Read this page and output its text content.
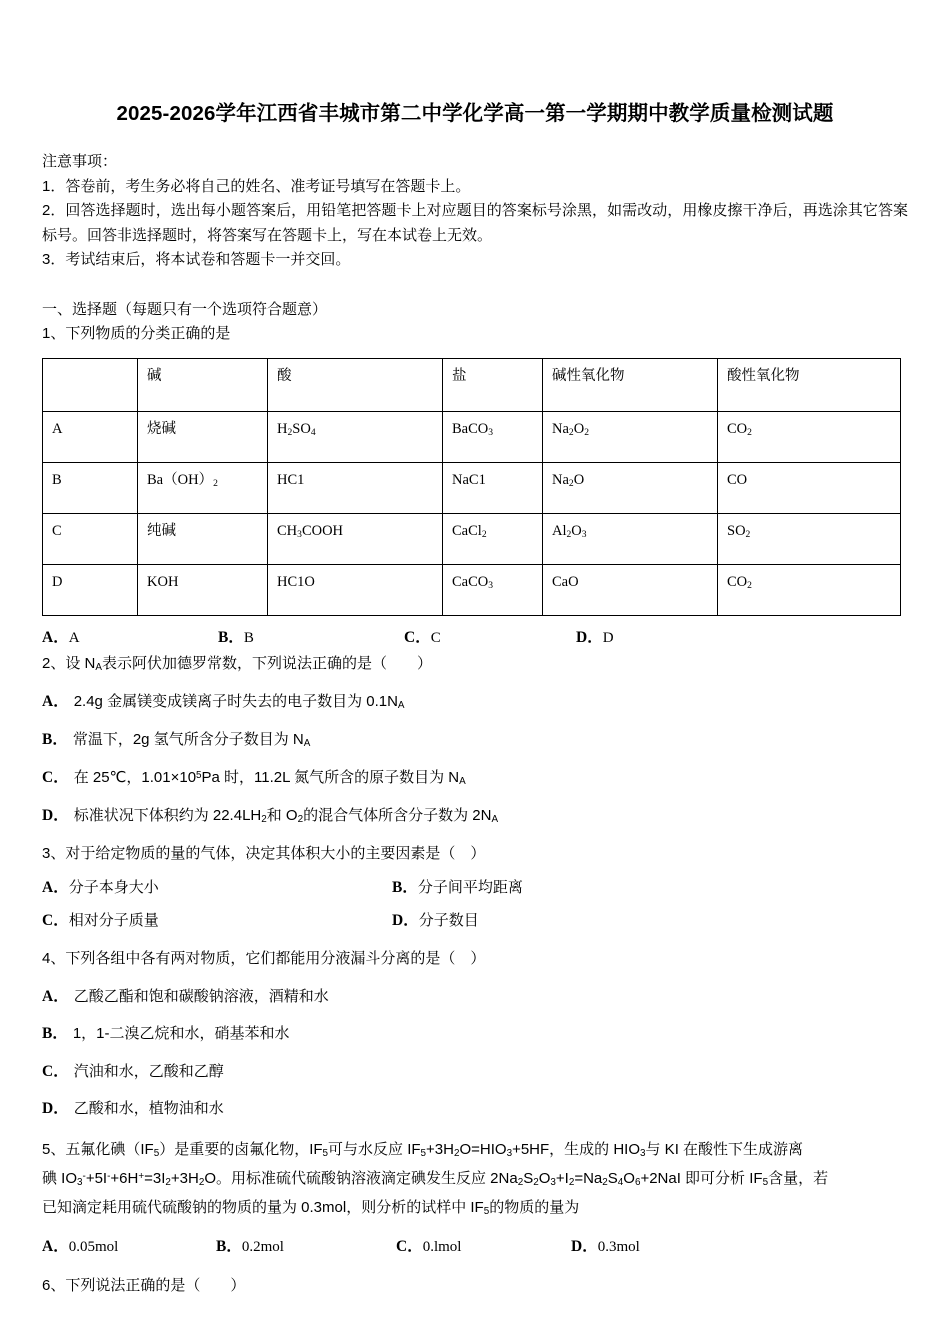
2025-2026学年江西省丰城市第二中学化学高一第一学期期中教学质量检测试题

注意事项：

1．答卷前，考生务必将自己的姓名、准考证号填写在答题卡上。

2．回答选择题时，选出每小题答案后，用铅笔把答题卡上对应题目的答案标号涂黑，如需改动，用橡皮擦干净后，再选涂其它答案标号。回答非选择题时，将答案写在答题卡上，写在本试卷上无效。

3．考试结束后，将本试卷和答题卡一并交回。

一、选择题（每题只有一个选项符合题意）

1、下列物质的分类正确的是

	碱	酸	盐	碱性氧化物	酸性氧化物
A	烧碱	$H_2SO_4$	BaCO$_3$	$Na_2O_2$	$CO_2$
B	$Ba(OH)_2$	HC1	NaC1	$Na_2O$	CO
C	纯碱	$CH_3COOH$	CaCl$_2$	$Al_2O_3$	$SO_2$
D	KOH	HC1O	CaCO$_3$	CaO	$CO_2$
A．A	B．B	C．C	D．D

2、设 $N_A$表示阿伏加德罗常数，下列说法正确的是（　　）

A． 2.4g 金属镁变成镁离子时失去的电子数目为 $0.1N_A$

B． 常温下，2g 氢气所含分子数目为 $N_A$

C． 在 25℃，$1.01\times 10^5Pa$ 时，11.2L 氮气所含的原子数目为 $N_A$

D． 标准状况下体积约为 $22.4LH_2$和 $O_2$的混合气体所含分子数为 $2N_A$

3、对于给定物质的量的气体，决定其体积大小的主要因素是（　）

A．分子本身大小	B．分子间平均距离
C．相对分子质量	D．分子数目

4、下列各组中各有两对物质，它们都能用分液漏斗分离的是（　）

A． 乙酸乙酯和饱和碳酸钠溶液，酒精和水

B． 1，1-二溴乙烷和水，硝基苯和水

C． 汽油和水，乙酸和乙醇

D． 乙酸和水，植物油和水

5、五氟化碘$(IF_5)$是重要的卤氟化物，$IF_5$可与水反应 $IF_5+3H_2O=HIO_3+5HF$，生成的 $HIO_3$与 KI 在酸性下生成游离

碘 $IO_3^-+5I^-+6H^+=3I_2+3H_2O$。用标准硫代硫酸钠溶液滴定碘发生反应 $2Na_2S_2O_3+I_2=Na_2S_4O_6+2NaI$ 即可分析 $IF_5$含量，若

已知滴定耗用硫代硫酸钠的物质的量为 0.3mol，则分析的试样中 $IF_5$的物质的量为

A．0.05mol	B．0.2mol	C．0.lmol	D．0.3mol

6、下列说法正确的是（　　）
